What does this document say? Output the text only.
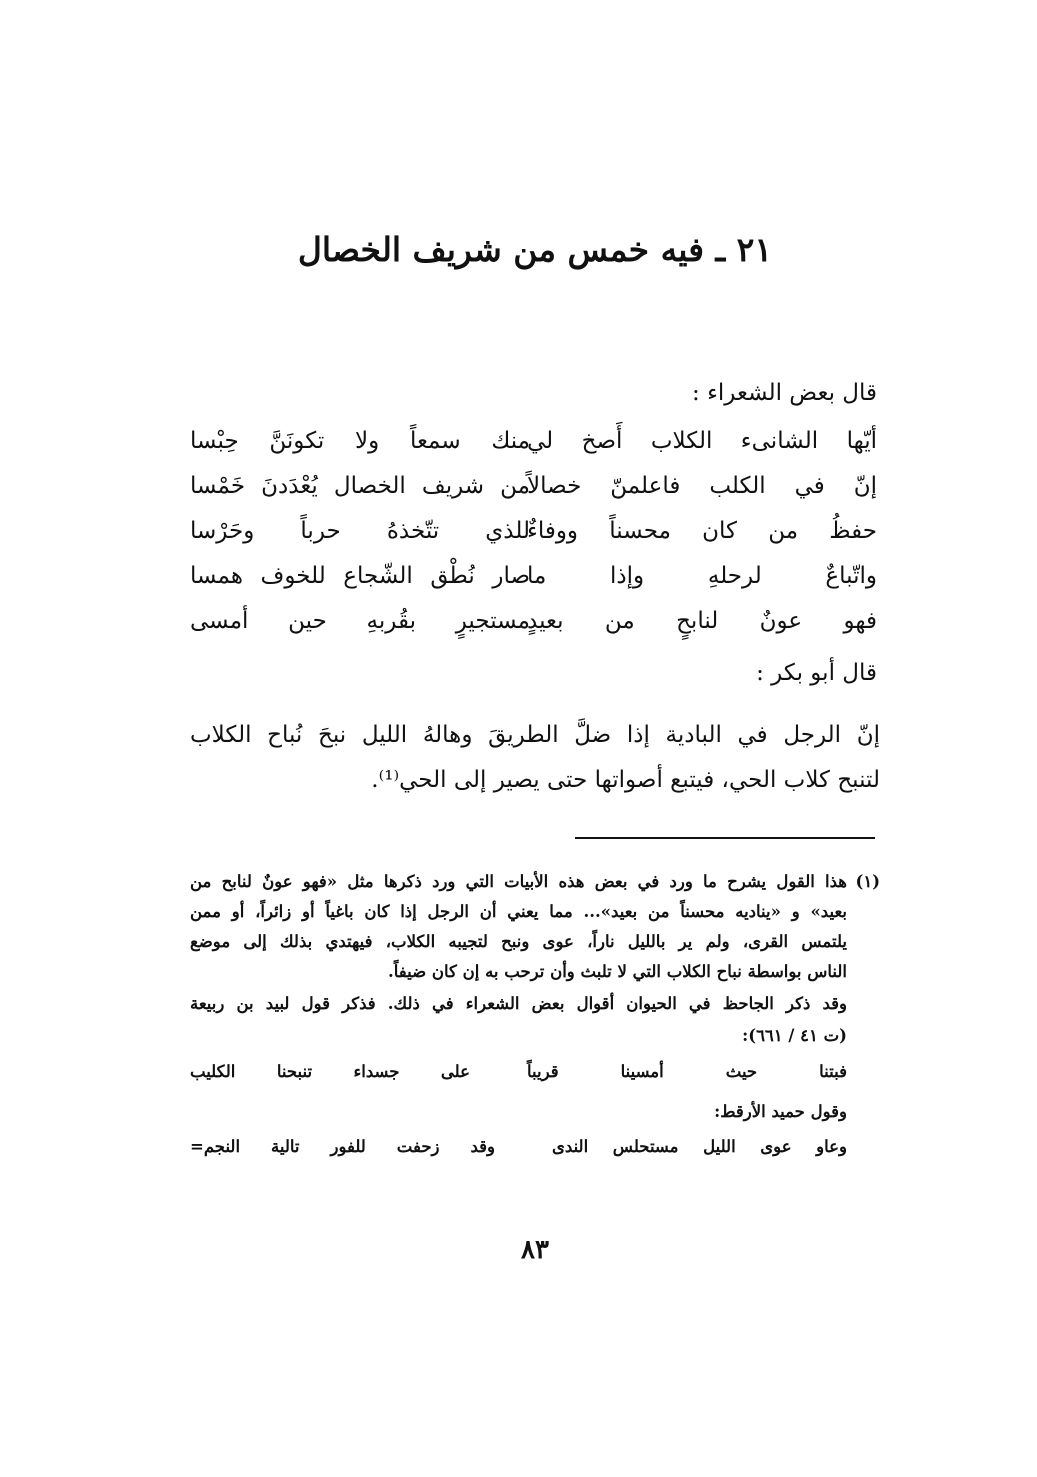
٢١ ـ فيه خمس من شريف الخصال
قال بعض الشعراء :
أيّها الشانىء الكلاب أَصخ لي
منك سمعاً ولا تكونَنَّ حِبْسا
إنّ في الكلب فاعلمنّ خصالاً
من شريف الخصال يُعْدَدنَ خَمْسا
حفظُ من كان محسناً ووفاءٌ
للذي تتّخذهُ حرباً وحَرْسا
واتّباعٌ لرحلهِ وإذا ما
صار نُطْق الشّجاع للخوف همسا
فهو عونٌ لنابحٍ من بعيدٍ
مستجيرٍ بقُربهِ حين أمسى
قال أبو بكر :
إنّ الرجل في البادية إذا ضلَّ الطريقَ وهالهُ الليل نبحَ نُباح الكلاب
لتنبح كلاب الحي، فيتبع أصواتها حتى يصير إلى الحي⁽¹⁾.
(١)
هذا القول يشرح ما ورد في بعض هذه الأبيات التي ورد ذكرها مثل «فهو عونٌ لنابح من
بعيد» و «يناديه محسناً من بعيد»... مما يعني أن الرجل إذا كان باغياً أو زائراً، أو ممن
يلتمس القرى، ولم ير بالليل ناراً، عوى ونبح لتجيبه الكلاب، فيهتدي بذلك إلى موضع
الناس بواسطة نباح الكلاب التي لا تلبث وأن ترحب به إن كان ضيفاً.
وقد ذكر الجاحظ في الحيوان أقوال بعض الشعراء في ذلك. فذكر قول لبيد بن ربيعة
(ت ٤١ / ٦٦١):
فبتنا حيث أمسينا قريباً
على جسداء تنبحنا الكليب
وقول حميد الأرقط:
وعاو عوى الليل مستحلس الندى
وقد زحفت للفور تالية النجم=
٨٣
